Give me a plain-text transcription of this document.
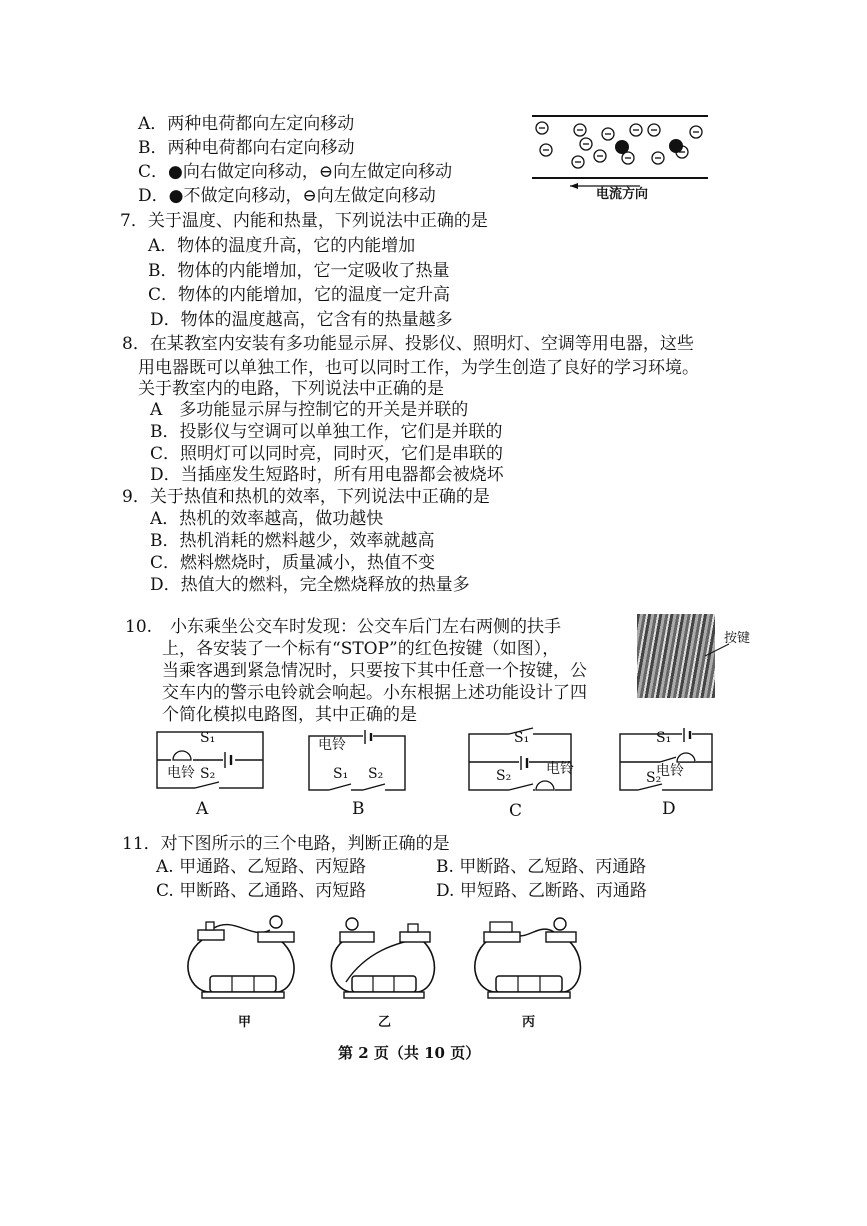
A．两种电荷都向左定向移动
B．两种电荷都向右定向移动
C．●向右做定向移动，⊖向左做定向移动
D．●不做定向移动，⊖向左做定向移动	电流方向
7．关于温度、内能和热量，下列说法中正确的是
A．物体的温度升高，它的内能增加
B．物体的内能增加，它一定吸收了热量
C．物体的内能增加，它的温度一定升高
D．物体的温度越高，它含有的热量越多
8．在某教室内安装有多功能显示屏、投影仪、照明灯、空调等用电器，这些
用电器既可以单独工作，也可以同时工作，为学生创造了良好的学习环境。
关于教室内的电路，下列说法中正确的是
A　多功能显示屏与控制它的开关是并联的
B．投影仪与空调可以单独工作，它们是并联的
C．照明灯可以同时亮，同时灭，它们是串联的
D．当插座发生短路时，所有用电器都会被烧坏
9．关于热值和热机的效率，下列说法中正确的是
A．热机的效率越高，做功越快
B．热机消耗的燃料越少，效率就越高
C．燃料燃烧时，质量减小，热值不变
D．热值大的燃料，完全燃烧释放的热量多
10. 小东乘坐公交车时发现：公交车后门左右两侧的扶手
上，各安装了一个标有“STOP”的红色按键（如图），
当乘客遇到紧急情况时，只要按下其中任意一个按键，公
交车内的警示电铃就会响起。小东根据上述功能设计了四
个简化模拟电路图，其中正确的是
按键
S₁
电铃 S₂
A
电铃
S₁ S₂
B
S₁
电铃
S₂
C
S₁
电铃
S₂
D
11．对下图所示的三个电路，判断正确的是
A. 甲通路、乙短路、丙短路	B. 甲断路、乙短路、丙通路
C. 甲断路、乙通路、丙短路	D. 甲短路、乙断路、丙通路
甲	乙	丙
第 2 页（共 10 页）
